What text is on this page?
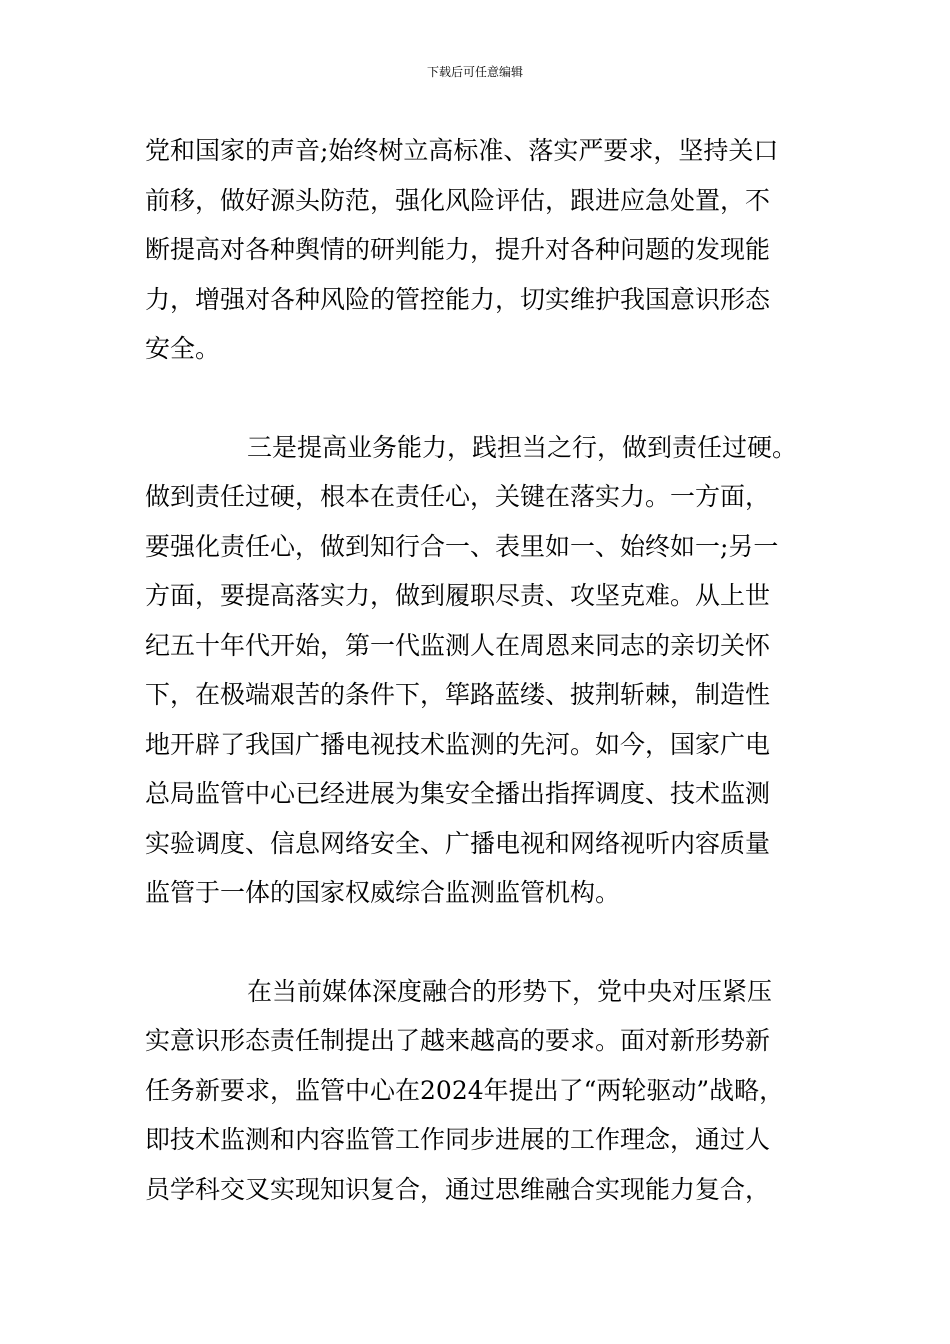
下载后可任意编辑

党和国家的声音;始终树立高标准、落实严要求，坚持关口
前移，做好源头防范，强化风险评估，跟进应急处置，不
断提高对各种舆情的研判能力，提升对各种问题的发现能
力，增强对各种风险的管控能力，切实维护我国意识形态
安全。

三是提高业务能力，践担当之行，做到责任过硬。
做到责任过硬，根本在责任心，关键在落实力。一方面，
要强化责任心，做到知行合一、表里如一、始终如一;另一
方面，要提高落实力，做到履职尽责、攻坚克难。从上世
纪五十年代开始，第一代监测人在周恩来同志的亲切关怀
下，在极端艰苦的条件下，筚路蓝缕、披荆斩棘，制造性
地开辟了我国广播电视技术监测的先河。如今，国家广电
总局监管中心已经进展为集安全播出指挥调度、技术监测
实验调度、信息网络安全、广播电视和网络视听内容质量
监管于一体的国家权威综合监测监管机构。

在当前媒体深度融合的形势下，党中央对压紧压
实意识形态责任制提出了越来越高的要求。面对新形势新
任务新要求，监管中心在2024年提出了“两轮驱动”战略，
即技术监测和内容监管工作同步进展的工作理念，通过人
员学科交叉实现知识复合，通过思维融合实现能力复合，
